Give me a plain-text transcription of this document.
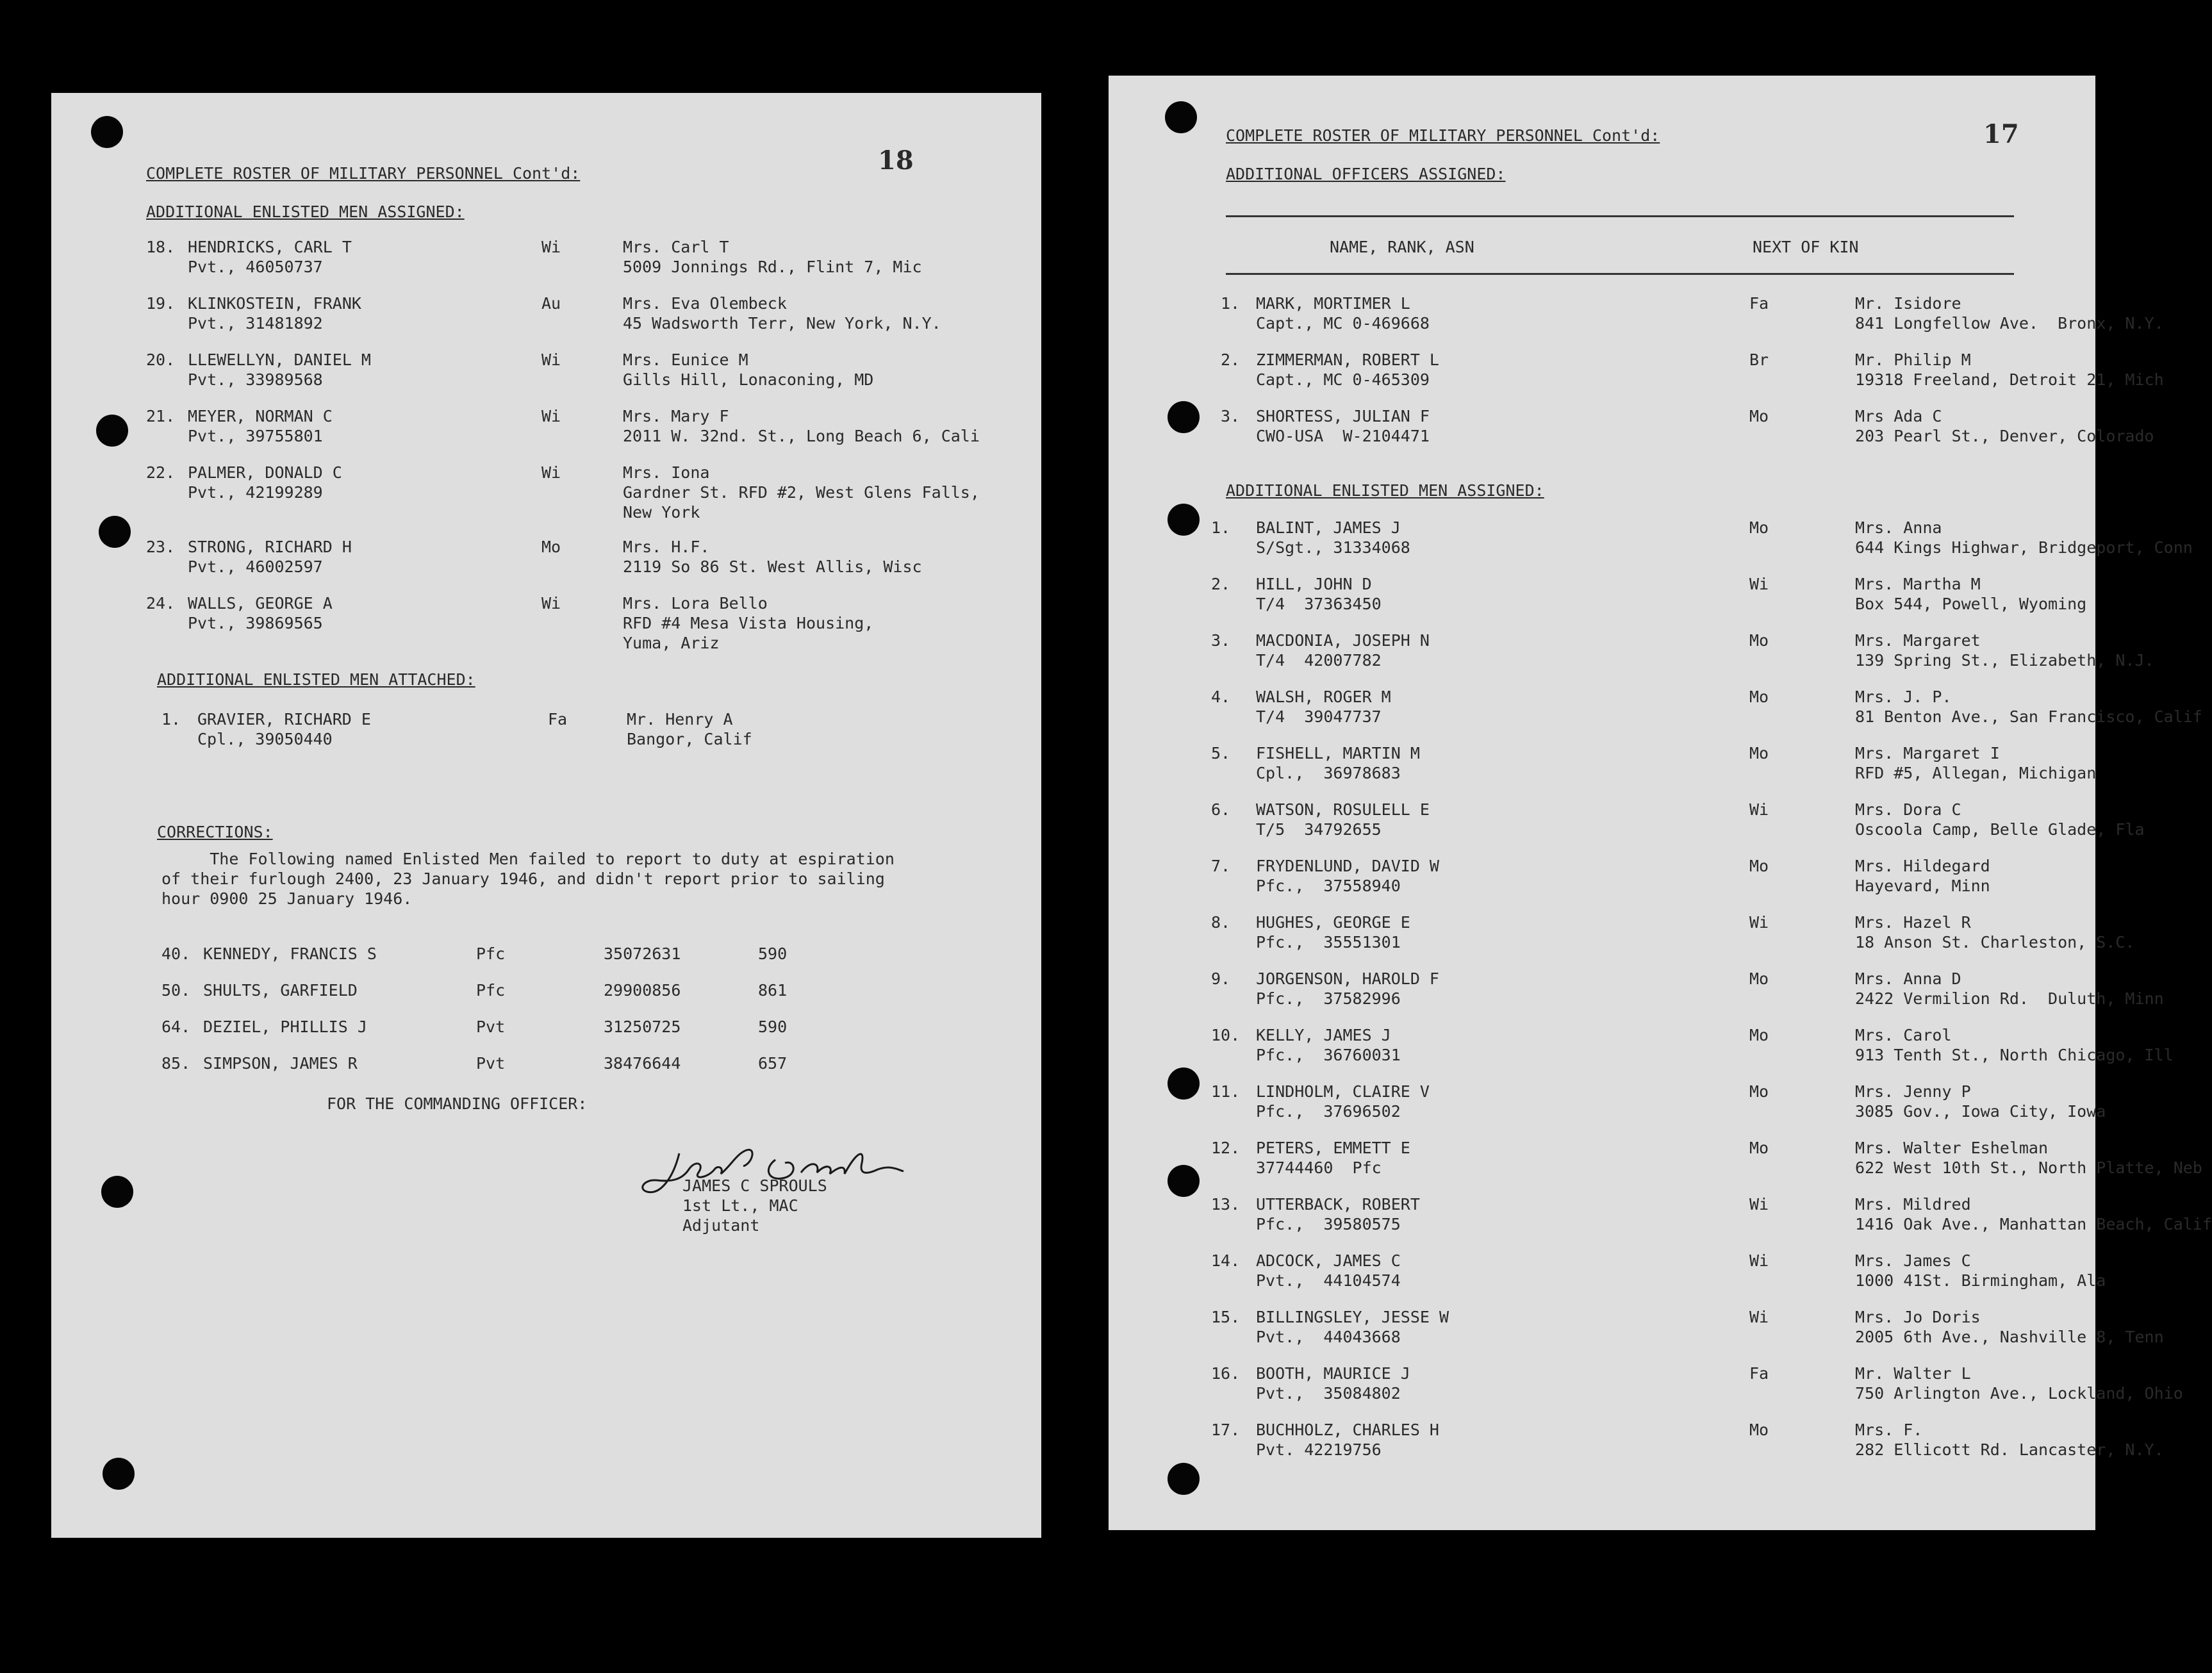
18
COMPLETE ROSTER OF MILITARY PERSONNEL Cont'd:
ADDITIONAL ENLISTED MEN ASSIGNED:
18. HENDRICKS, CARL T
Pvt., 46050737
Wi	Mrs. Carl T
5009 Jonnings Rd., Flint 7, Mic
19. KLINKOSTEIN, FRANK
Pvt., 31481892
Au	Mrs. Eva Olembeck
45 Wadsworth Terr, New York, N.Y.
20. LLEWELLYN, DANIEL M
Pvt., 33989568
Wi	Mrs. Eunice M
Gills Hill, Lonaconing, MD
21. MEYER, NORMAN C
Pvt., 39755801
Wi	Mrs. Mary F
2011 W. 32nd. St., Long Beach 6, Cali
22. PALMER, DONALD C
Pvt., 42199289
Wi	Mrs. Iona
Gardner St. RFD #2, West Glens Falls,
New York
23. STRONG, RICHARD H
Pvt., 46002597
Mo	Mrs. H.F.
2119 So 86 St. West Allis, Wisc
24. WALLS, GEORGE A
Pvt., 39869565
Wi	Mrs. Lora Bello
RFD #4 Mesa Vista Housing,
Yuma, Ariz
ADDITIONAL ENLISTED MEN ATTACHED:
1. GRAVIER, RICHARD E
Cpl., 39050440
Fa	Mr. Henry A
Bangor, Calif
CORRECTIONS:
The Following named Enlisted Men failed to report to duty at espiration
of their furlough 2400, 23 January 1946, and didn't report prior to sailing
hour 0900 25 January 1946.
40. KENNEDY, FRANCIS S	Pfc	35072631	590
50. SHULTS, GARFIELD	Pfc	29900856	861
64. DEZIEL, PHILLIS J	Pvt	31250725	590
85. SIMPSON, JAMES R	Pvt	38476644	657
FOR THE COMMANDING OFFICER:
JAMES C SPROULS
1st Lt., MAC
Adjutant
17
COMPLETE ROSTER OF MILITARY PERSONNEL Cont'd:
ADDITIONAL OFFICERS ASSIGNED:
NAME, RANK, ASN	NEXT OF KIN
1. MARK, MORTIMER L
Capt., MC 0-469668
Fa	Mr. Isidore
841 Longfellow Ave.  Bronx, N.Y.
2. ZIMMERMAN, ROBERT L
Capt., MC 0-465309
Br	Mr. Philip M
19318 Freeland, Detroit 21, Mich
3. SHORTESS, JULIAN F
CWO-USA  W-2104471
Mo	Mrs Ada C
203 Pearl St., Denver, Colorado
ADDITIONAL ENLISTED MEN ASSIGNED:
1. BALINT, JAMES J
S/Sgt., 31334068
Mo	Mrs. Anna
644 Kings Highwar, Bridgeport, Conn
2. HILL, JOHN D
T/4  37363450
Wi	Mrs. Martha M
Box 544, Powell, Wyoming
3. MACDONIA, JOSEPH N
T/4  42007782
Mo	Mrs. Margaret
139 Spring St., Elizabeth, N.J.
4. WALSH, ROGER M
T/4  39047737
Mo	Mrs. J. P.
81 Benton Ave., San Francisco, Calif
5. FISHELL, MARTIN M
Cpl.,  36978683
Mo	Mrs. Margaret I
RFD #5, Allegan, Michigan
6. WATSON, ROSULELL E
T/5  34792655
Wi	Mrs. Dora C
Oscoola Camp, Belle Glade, Fla
7. FRYDENLUND, DAVID W
Pfc.,  37558940
Mo	Mrs. Hildegard
Hayevard, Minn
8. HUGHES, GEORGE E
Pfc.,  35551301
Wi	Mrs. Hazel R
18 Anson St. Charleston, S.C.
9. JORGENSON, HAROLD F
Pfc.,  37582996
Mo	Mrs. Anna D
2422 Vermilion Rd.  Duluth, Minn
10. KELLY, JAMES J
Pfc.,  36760031
Mo	Mrs. Carol
913 Tenth St., North Chicago, Ill
11. LINDHOLM, CLAIRE V
Pfc.,  37696502
Mo	Mrs. Jenny P
3085 Gov., Iowa City, Iowa
12. PETERS, EMMETT E
37744460  Pfc
Mo	Mrs. Walter Eshelman
622 West 10th St., North Platte, Neb
13. UTTERBACK, ROBERT
Pfc.,  39580575
Wi	Mrs. Mildred
1416 Oak Ave., Manhattan Beach, Calif
14. ADCOCK, JAMES C
Pvt.,  44104574
Wi	Mrs. James C
1000 41St. Birmingham, Ala
15. BILLINGSLEY, JESSE W
Pvt.,  44043668
Wi	Mrs. Jo Doris
2005 6th Ave., Nashville 8, Tenn
16. BOOTH, MAURICE J
Pvt.,  35084802
Fa	Mr. Walter L
750 Arlington Ave., Lockland, Ohio
17. BUCHHOLZ, CHARLES H
Pvt. 42219756
Mo	Mrs. F.
282 Ellicott Rd. Lancaster, N.Y.
